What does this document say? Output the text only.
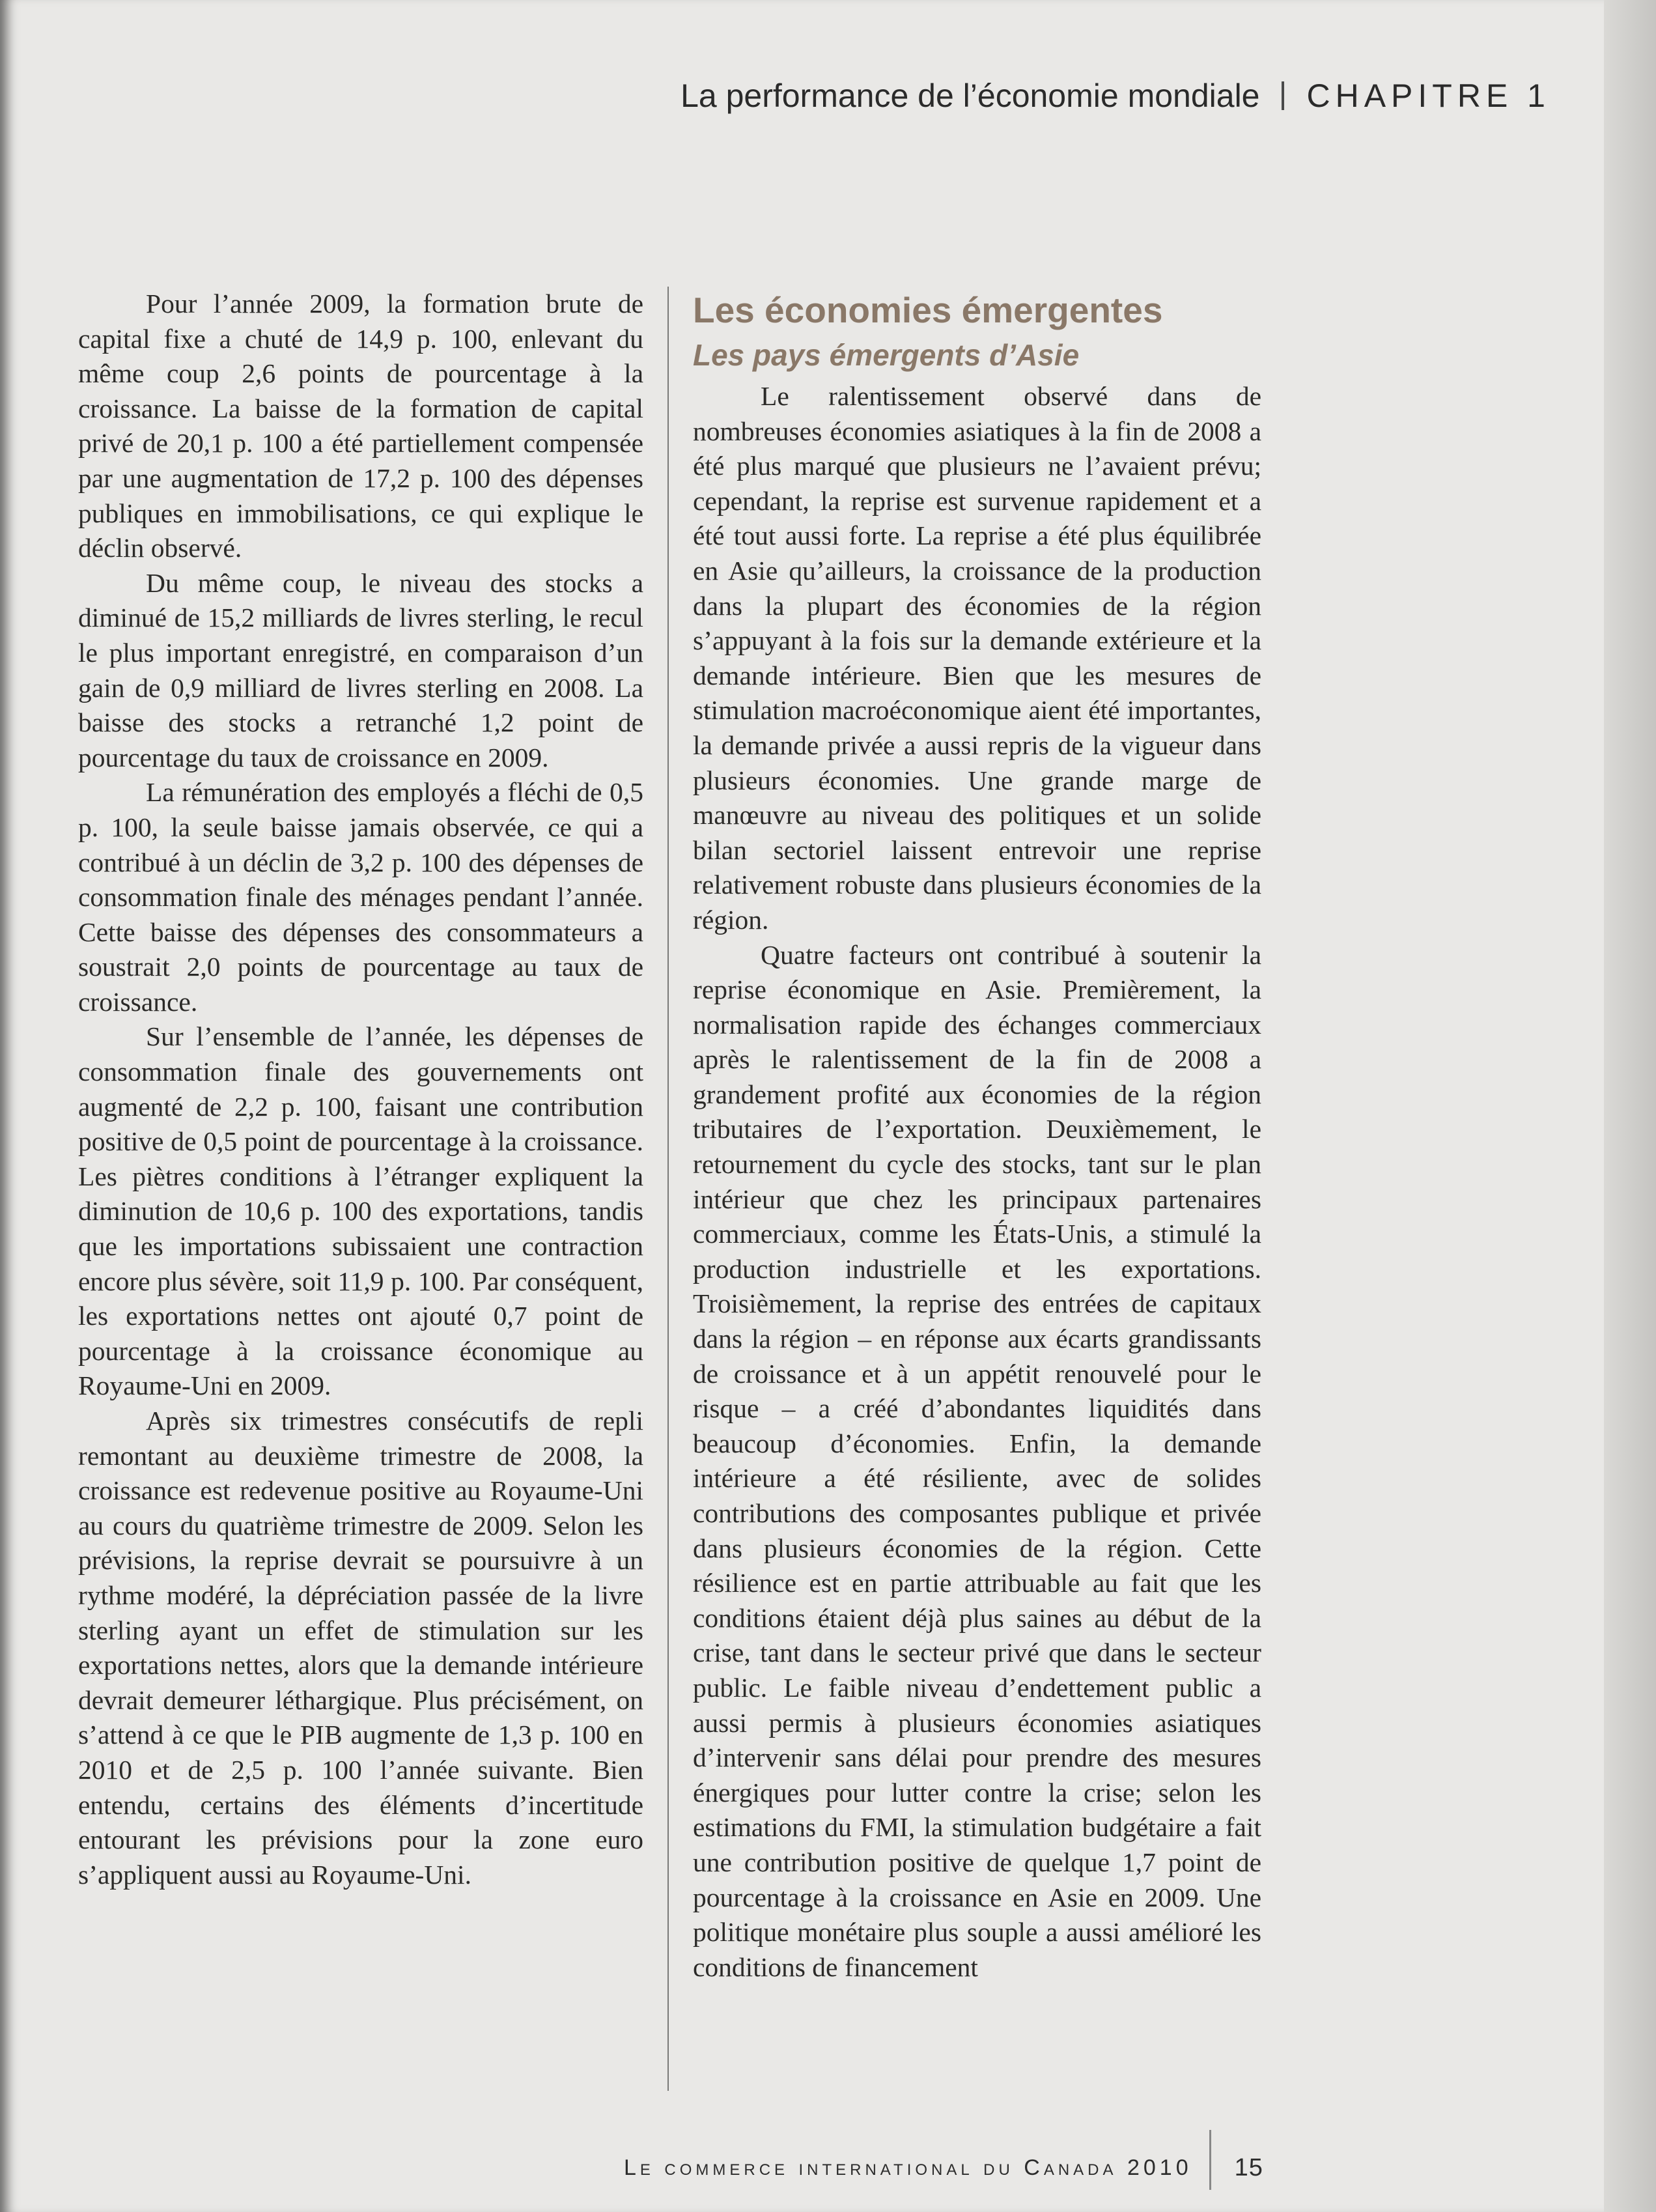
La performance de l’économie mondiale CHAPITRE 1

Pour l’année 2009, la formation brute de capital fixe a chuté de 14,9 p. 100, enlevant du même coup 2,6 points de pourcentage à la croissance. La baisse de la formation de capital privé de 20,1 p. 100 a été partiellement compensée par une augmentation de 17,2 p. 100 des dépenses publiques en immobilisations, ce qui explique le déclin observé.

Du même coup, le niveau des stocks a diminué de 15,2 milliards de livres sterling, le recul le plus important enregistré, en comparaison d’un gain de 0,9 milliard de livres sterling en 2008. La baisse des stocks a retranché 1,2 point de pourcentage du taux de croissance en 2009.

La rémunération des employés a fléchi de 0,5 p. 100, la seule baisse jamais observée, ce qui a contribué à un déclin de 3,2 p. 100 des dépenses de consommation finale des ménages pendant l’année. Cette baisse des dépenses des consommateurs a soustrait 2,0 points de pourcentage au taux de croissance.

Sur l’ensemble de l’année, les dépenses de consommation finale des gouvernements ont augmenté de 2,2 p. 100, faisant une contribution positive de 0,5 point de pourcentage à la croissance. Les piètres conditions à l’étranger expliquent la diminution de 10,6 p. 100 des exportations, tandis que les importations subissaient une contraction encore plus sévère, soit 11,9 p. 100. Par conséquent, les exportations nettes ont ajouté 0,7 point de pourcentage à la croissance économique au Royaume-Uni en 2009.

Après six trimestres consécutifs de repli remontant au deuxième trimestre de 2008, la croissance est redevenue positive au Royaume-Uni au cours du quatrième trimestre de 2009. Selon les prévisions, la reprise devrait se poursuivre à un rythme modéré, la dépréciation passée de la livre sterling ayant un effet de stimulation sur les exportations nettes, alors que la demande intérieure devrait demeurer léthargique. Plus précisément, on s’attend à ce que le PIB augmente de 1,3 p. 100 en 2010 et de 2,5 p. 100 l’année suivante. Bien entendu, certains des éléments d’incertitude entourant les prévisions pour la zone euro s’appliquent aussi au Royaume-Uni.

Les économies émergentes
Les pays émergents d’Asie

Le ralentissement observé dans de nombreuses économies asiatiques à la fin de 2008 a été plus marqué que plusieurs ne l’avaient prévu; cependant, la reprise est survenue rapidement et a été tout aussi forte. La reprise a été plus équilibrée en Asie qu’ailleurs, la croissance de la production dans la plupart des économies de la région s’appuyant à la fois sur la demande extérieure et la demande intérieure. Bien que les mesures de stimulation macroéconomique aient été importantes, la demande privée a aussi repris de la vigueur dans plusieurs économies. Une grande marge de manœuvre au niveau des politiques et un solide bilan sectoriel laissent entrevoir une reprise relativement robuste dans plusieurs économies de la région.

Quatre facteurs ont contribué à soutenir la reprise économique en Asie. Premièrement, la normalisation rapide des échanges commerciaux après le ralentissement de la fin de 2008 a grandement profité aux économies de la région tributaires de l’exportation. Deuxièmement, le retournement du cycle des stocks, tant sur le plan intérieur que chez les principaux partenaires commerciaux, comme les États-Unis, a stimulé la production industrielle et les exportations. Troisièmement, la reprise des entrées de capitaux dans la région – en réponse aux écarts grandissants de croissance et à un appétit renouvelé pour le risque – a créé d’abondantes liquidités dans beaucoup d’économies. Enfin, la demande intérieure a été résiliente, avec de solides contributions des composantes publique et privée dans plusieurs économies de la région. Cette résilience est en partie attribuable au fait que les conditions étaient déjà plus saines au début de la crise, tant dans le secteur privé que dans le secteur public. Le faible niveau d’endettement public a aussi permis à plusieurs économies asiatiques d’intervenir sans délai pour prendre des mesures énergiques pour lutter contre la crise; selon les estimations du FMI, la stimulation budgétaire a fait une contribution positive de quelque 1,7 point de pourcentage à la croissance en Asie en 2009. Une politique monétaire plus souple a aussi amélioré les conditions de financement

Le commerce international du Canada 2010 15
